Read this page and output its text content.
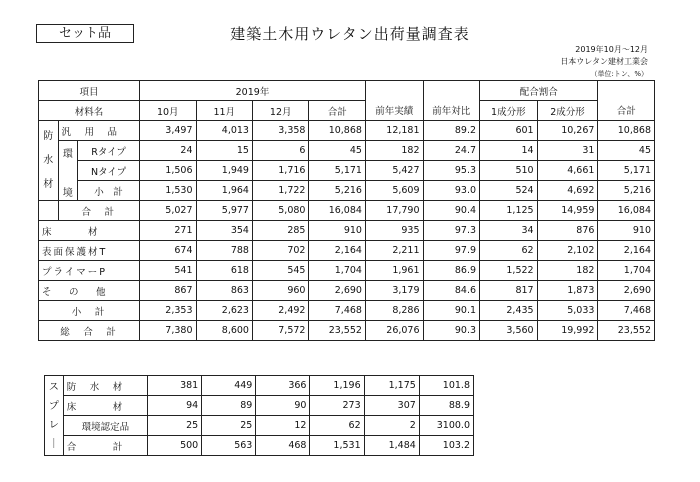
セット品	建築土木用ウレタン出荷量調査表
2019年10月～12月
日本ウレタン建材工業会
（単位:トン、%）
項目			2019年						配合割合		
材料名			10月	11月	12月	合計	前年実績	前年対比	1成分形	2成分形	合計

防
水
材	汎　用　品		3,497	4,013	3,358	10,868	12,181	89.2	601	10,267	10,868

	環
境	Rタイプ	24	15	6	45	182	24.7	14	31	45
		Nタイプ	1,506	1,949	1,716	5,171	5,427	95.3	510	4,661	5,171
		小　計	1,530	1,964	1,722	5,216	5,609	93.0	524	4,692	5,216
	合　計		5,027	5,977	5,080	16,084	17,790	90.4	1,125	14,959	16,084
床　　　材			271	354	285	910	935	97.3	34	876	910
表面保護材T			674	788	702	2,164	2,211	97.9	62	2,102	2,164
プライマーP			541	618	545	1,704	1,961	86.9	1,522	182	1,704
そ　の　他			867	863	960	2,690	3,179	84.6	817	1,873	2,690
小　計			2,353	2,623	2,492	7,468	8,286	90.1	2,435	5,033	7,468
総　合　計			7,380	8,600	7,572	23,552	26,076	90.3	3,560	19,992	23,552
ス
プ
レ
｜	防　水　材	381	449	366	1,196	1,175	101.8
	床　　　材	94	89	90	273	307	88.9
	環境認定品	25	25	12	62	2	3100.0
	合　　　計	500	563	468	1,531	1,484	103.2
